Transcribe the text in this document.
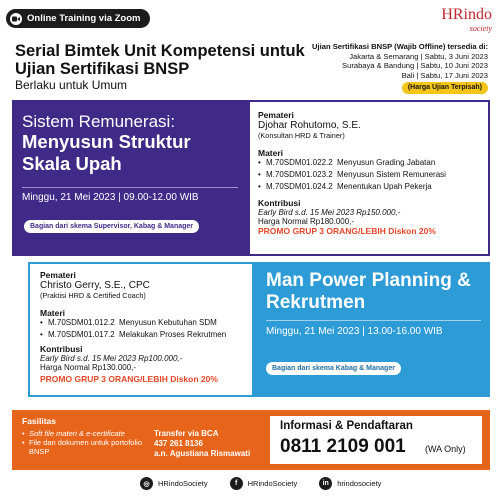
Online Training via Zoom	HRindo
society
Serial Bimtek Unit Kompetensi untuk Ujian Sertifikasi BNSP
Berlaku untuk Umum
Ujian Sertifikasi BNSP (Wajib Offline) tersedia di:
Jakarta & Semarang | Sabtu, 3 Juni 2023
Surabaya & Bandung | Sabtu, 10 Juni 2023
Bali | Sabtu, 17 Juni 2023
(Harga Ujian Terpisah)
Sistem Remunerasi:
Menyusun Struktur Skala Upah
Minggu, 21 Mei 2023 | 09.00-12.00 WIB
Bagian dari skema Supervisor, Kabag & Manager
Pemateri
Djohar Rohutomo, S.E.
(Konsultan HRD & Trainer)
Materi
• M.70SDM01.022.2 Menyusun Grading Jabatan
• M.70SDM01.023.2 Menyusun Sistem Remunerasi
• M.70SDM01.024.2 Menentukan Upah Pekerja
Kontribusi
Early Bird s.d. 15 Mei 2023 Rp150.000,-
Harga Normal Rp180.000,-
PROMO GRUP 3 ORANG/LEBIH Diskon 20%
Pemateri
Christo Gerry, S.E., CPC
(Praktisi HRD & Certified Coach)
Materi
• M.70SDM01.012.2 Menyusun Kebutuhan SDM
• M.70SDM01.017.2 Melakukan Proses Rekrutmen
Kontribusi
Early Bird s.d. 15 Mei 2023 Rp100.000,-
Harga Normal Rp130.000,-
PROMO GRUP 3 ORANG/LEBIH Diskon 20%
Man Power Planning & Rekrutmen
Minggu, 21 Mei 2023 | 13.00-16.00 WIB
Bagian dari skema Kabag & Manager
Fasilitas
• Soft file materi & e-certificate
• File dan dokumen untuk portofolio BNSP
Transfer via BCA
437 261 8136
a.n. Agustiana Rismawati
Informasi & Pendaftaran
0811 2109 001 (WA Only)
◎	HRindoSociety	f	HRindoSociety	in	hrindosociety
